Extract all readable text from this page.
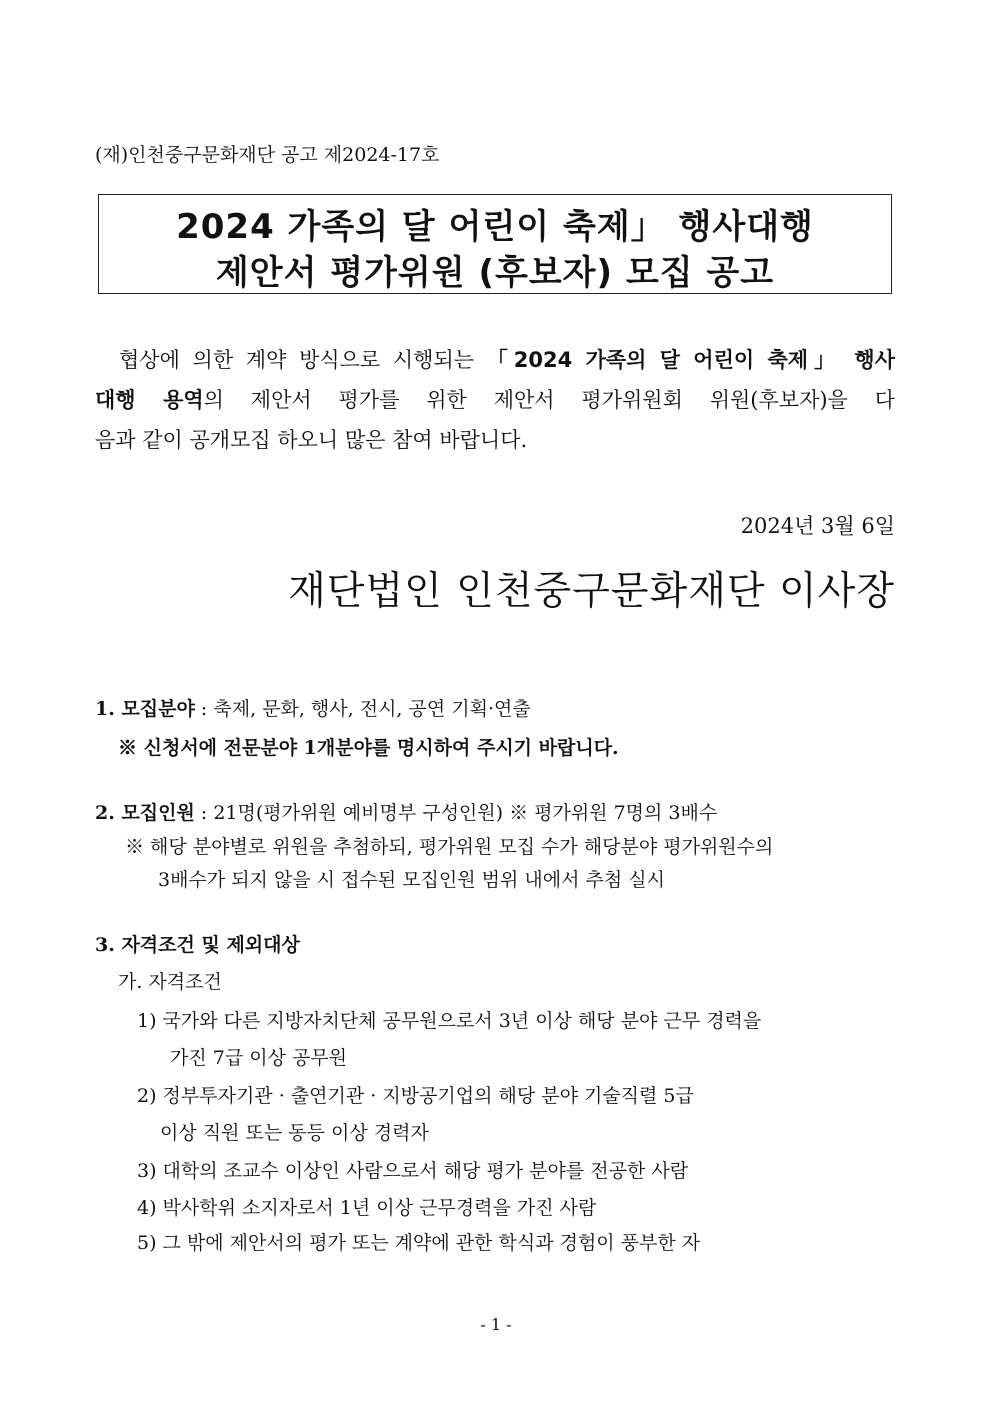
(재)인천중구문화재단 공고 제2024-17호
2024 가족의 달 어린이 축제」 행사대행
제안서 평가위원 (후보자) 모집 공고

협상에 의한 계약 방식으로 시행되는 「2024 가족의 달 어린이 축제」 행사

대행 용역의 제안서 평가를 위한 제안서 평가위원회 위원(후보자)을 다

음과 같이 공개모집 하오니 많은 참여 바랍니다.

2024년 3월 6일
재단법인 인천중구문화재단 이사장
1. 모집분야 : 축제, 문화, 행사, 전시, 공연 기획·연출
※ 신청서에 전문분야 1개분야를 명시하여 주시기 바랍니다.
2. 모집인원 : 21명(평가위원 예비명부 구성인원) ※ 평가위원 7명의 3배수
※ 해당 분야별로 위원을 추첨하되, 평가위원 모집 수가 해당분야 평가위원수의
3배수가 되지 않을 시 접수된 모집인원 범위 내에서 추첨 실시
3. 자격조건 및 제외대상
가. 자격조건
1) 국가와 다른 지방자치단체 공무원으로서 3년 이상 해당 분야 근무 경력을
가진 7급 이상 공무원
2) 정부투자기관 · 출연기관 · 지방공기업의 해당 분야 기술직렬 5급
이상 직원 또는 동등 이상 경력자
3) 대학의 조교수 이상인 사람으로서 해당 평가 분야를 전공한 사람
4) 박사학위 소지자로서 1년 이상 근무경력을 가진 사람
5) 그 밖에 제안서의 평가 또는 계약에 관한 학식과 경험이 풍부한 자
- 1 -
